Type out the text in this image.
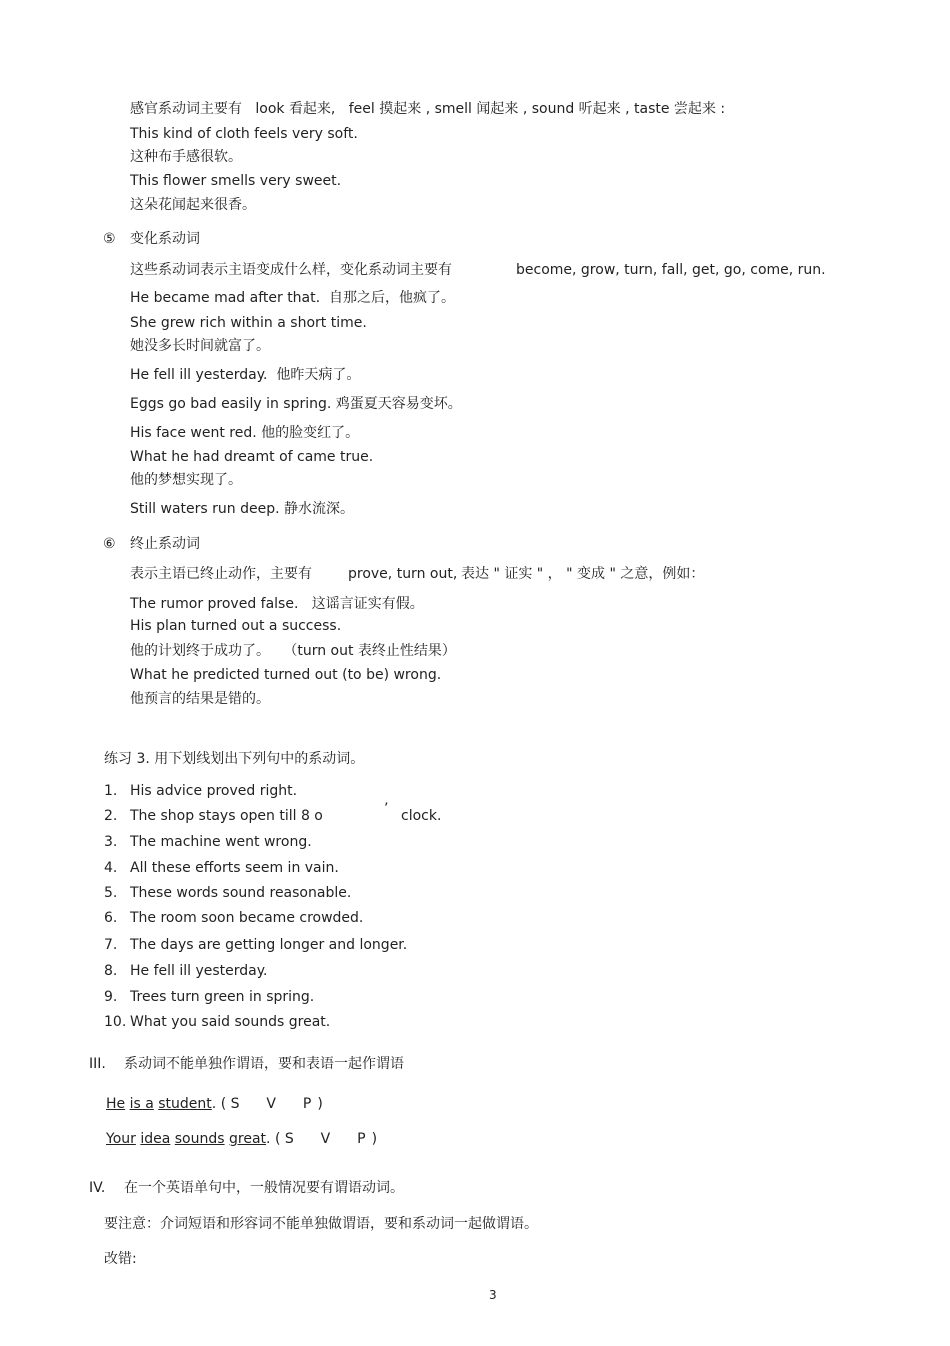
感官系动词主要有 look 看起来, feel 摸起来 , smell 闻起来 , sound 听起来 , taste 尝起来 :
This kind of cloth feels very soft.
这种布手感很软。
This flower smells very sweet.
这朵花闻起来很香。
⑤ 变化系动词
这些系动词表示主语变成什么样，变化系动词主要有	become, grow, turn, fall, get, go, come, run.
He became mad after that.  自那之后，他疯了。
She grew rich within a short time.
她没多长时间就富了。
He fell ill yesterday.  他昨天病了。
Eggs go bad easily in spring. 鸡蛋夏天容易变坏。
His face went red. 他的脸变红了。
What he had dreamt of came true.
他的梦想实现了。
Still waters run deep. 静水流深。
⑥ 终止系动词
表示主语已终止动作，主要有	prove, turn out, 表达 " 证实 " ， " 变成 " 之意，例如：
The rumor proved false.   这谣言证实有假。
His plan turned out a success.
他的计划终于成功了。   （turn out 表终止性结果）
What he predicted turned out (to be) wrong.
他预言的结果是错的。
练习 3. 用下划线划出下列句中的系动词。
1. His advice proved right.
2. The shop stays open till 8 o	’ clock.
3. The machine went wrong.
4. All these efforts seem in vain.
5. These words sound reasonable.
6. The room soon became crowded.
7. The days are getting longer and longer.
8. He fell ill yesterday.
9. Trees turn green in spring.
10. What you said sounds great.
III. 系动词不能单独作谓语，要和表语一起作谓语
He is a student. ( S  V  P)
Your idea sounds great. ( S  V  P)
IV. 在一个英语单句中，一般情况要有谓语动词。
要注意：介词短语和形容词不能单独做谓语，要和系动词一起做谓语。
改错:
3
